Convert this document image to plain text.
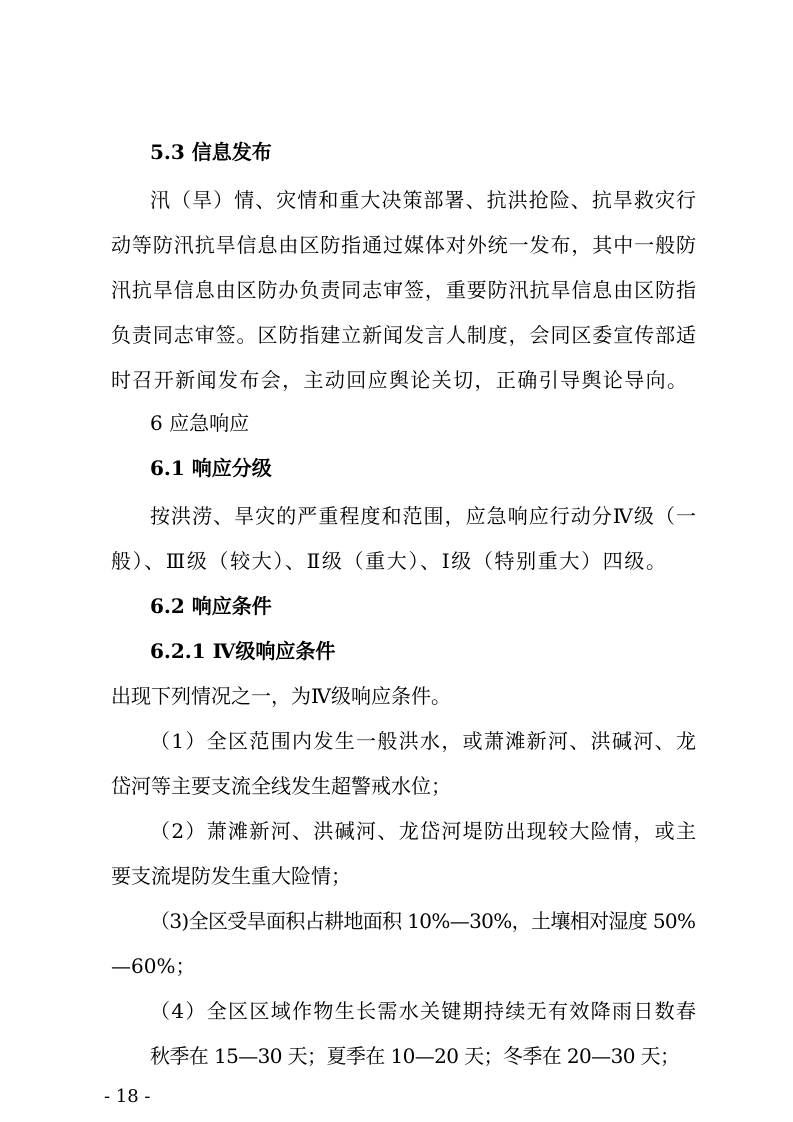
5.3 信息发布
汛（旱）情、灾情和重大决策部署、抗洪抢险、抗旱救灾行
动等防汛抗旱信息由区防指通过媒体对外统一发布，其中一般防
汛抗旱信息由区防办负责同志审签，重要防汛抗旱信息由区防指
负责同志审签。区防指建立新闻发言人制度，会同区委宣传部适
时召开新闻发布会，主动回应舆论关切，正确引导舆论导向。
6 应急响应
6.1 响应分级
按洪涝、旱灾的严重程度和范围，应急响应行动分Ⅳ级（一
般）、Ⅲ级（较大）、Ⅱ级（重大）、Ⅰ级（特别重大）四级。
6.2 响应条件
6.2.1 Ⅳ级响应条件
出现下列情况之一，为Ⅳ级响应条件。
（1）全区范围内发生一般洪水，或萧滩新河、洪碱河、龙
岱河等主要支流全线发生超警戒水位；
（2）萧滩新河、洪碱河、龙岱河堤防出现较大险情，或主
要支流堤防发生重大险情；
（3)全区受旱面积占耕地面积 10%—30%，土壤相对湿度 50%
—60%；
（4）全区区域作物生长需水关键期持续无有效降雨日数春
秋季在 15—30 天；夏季在 10—20 天；冬季在 20—30 天；
- 18 -
